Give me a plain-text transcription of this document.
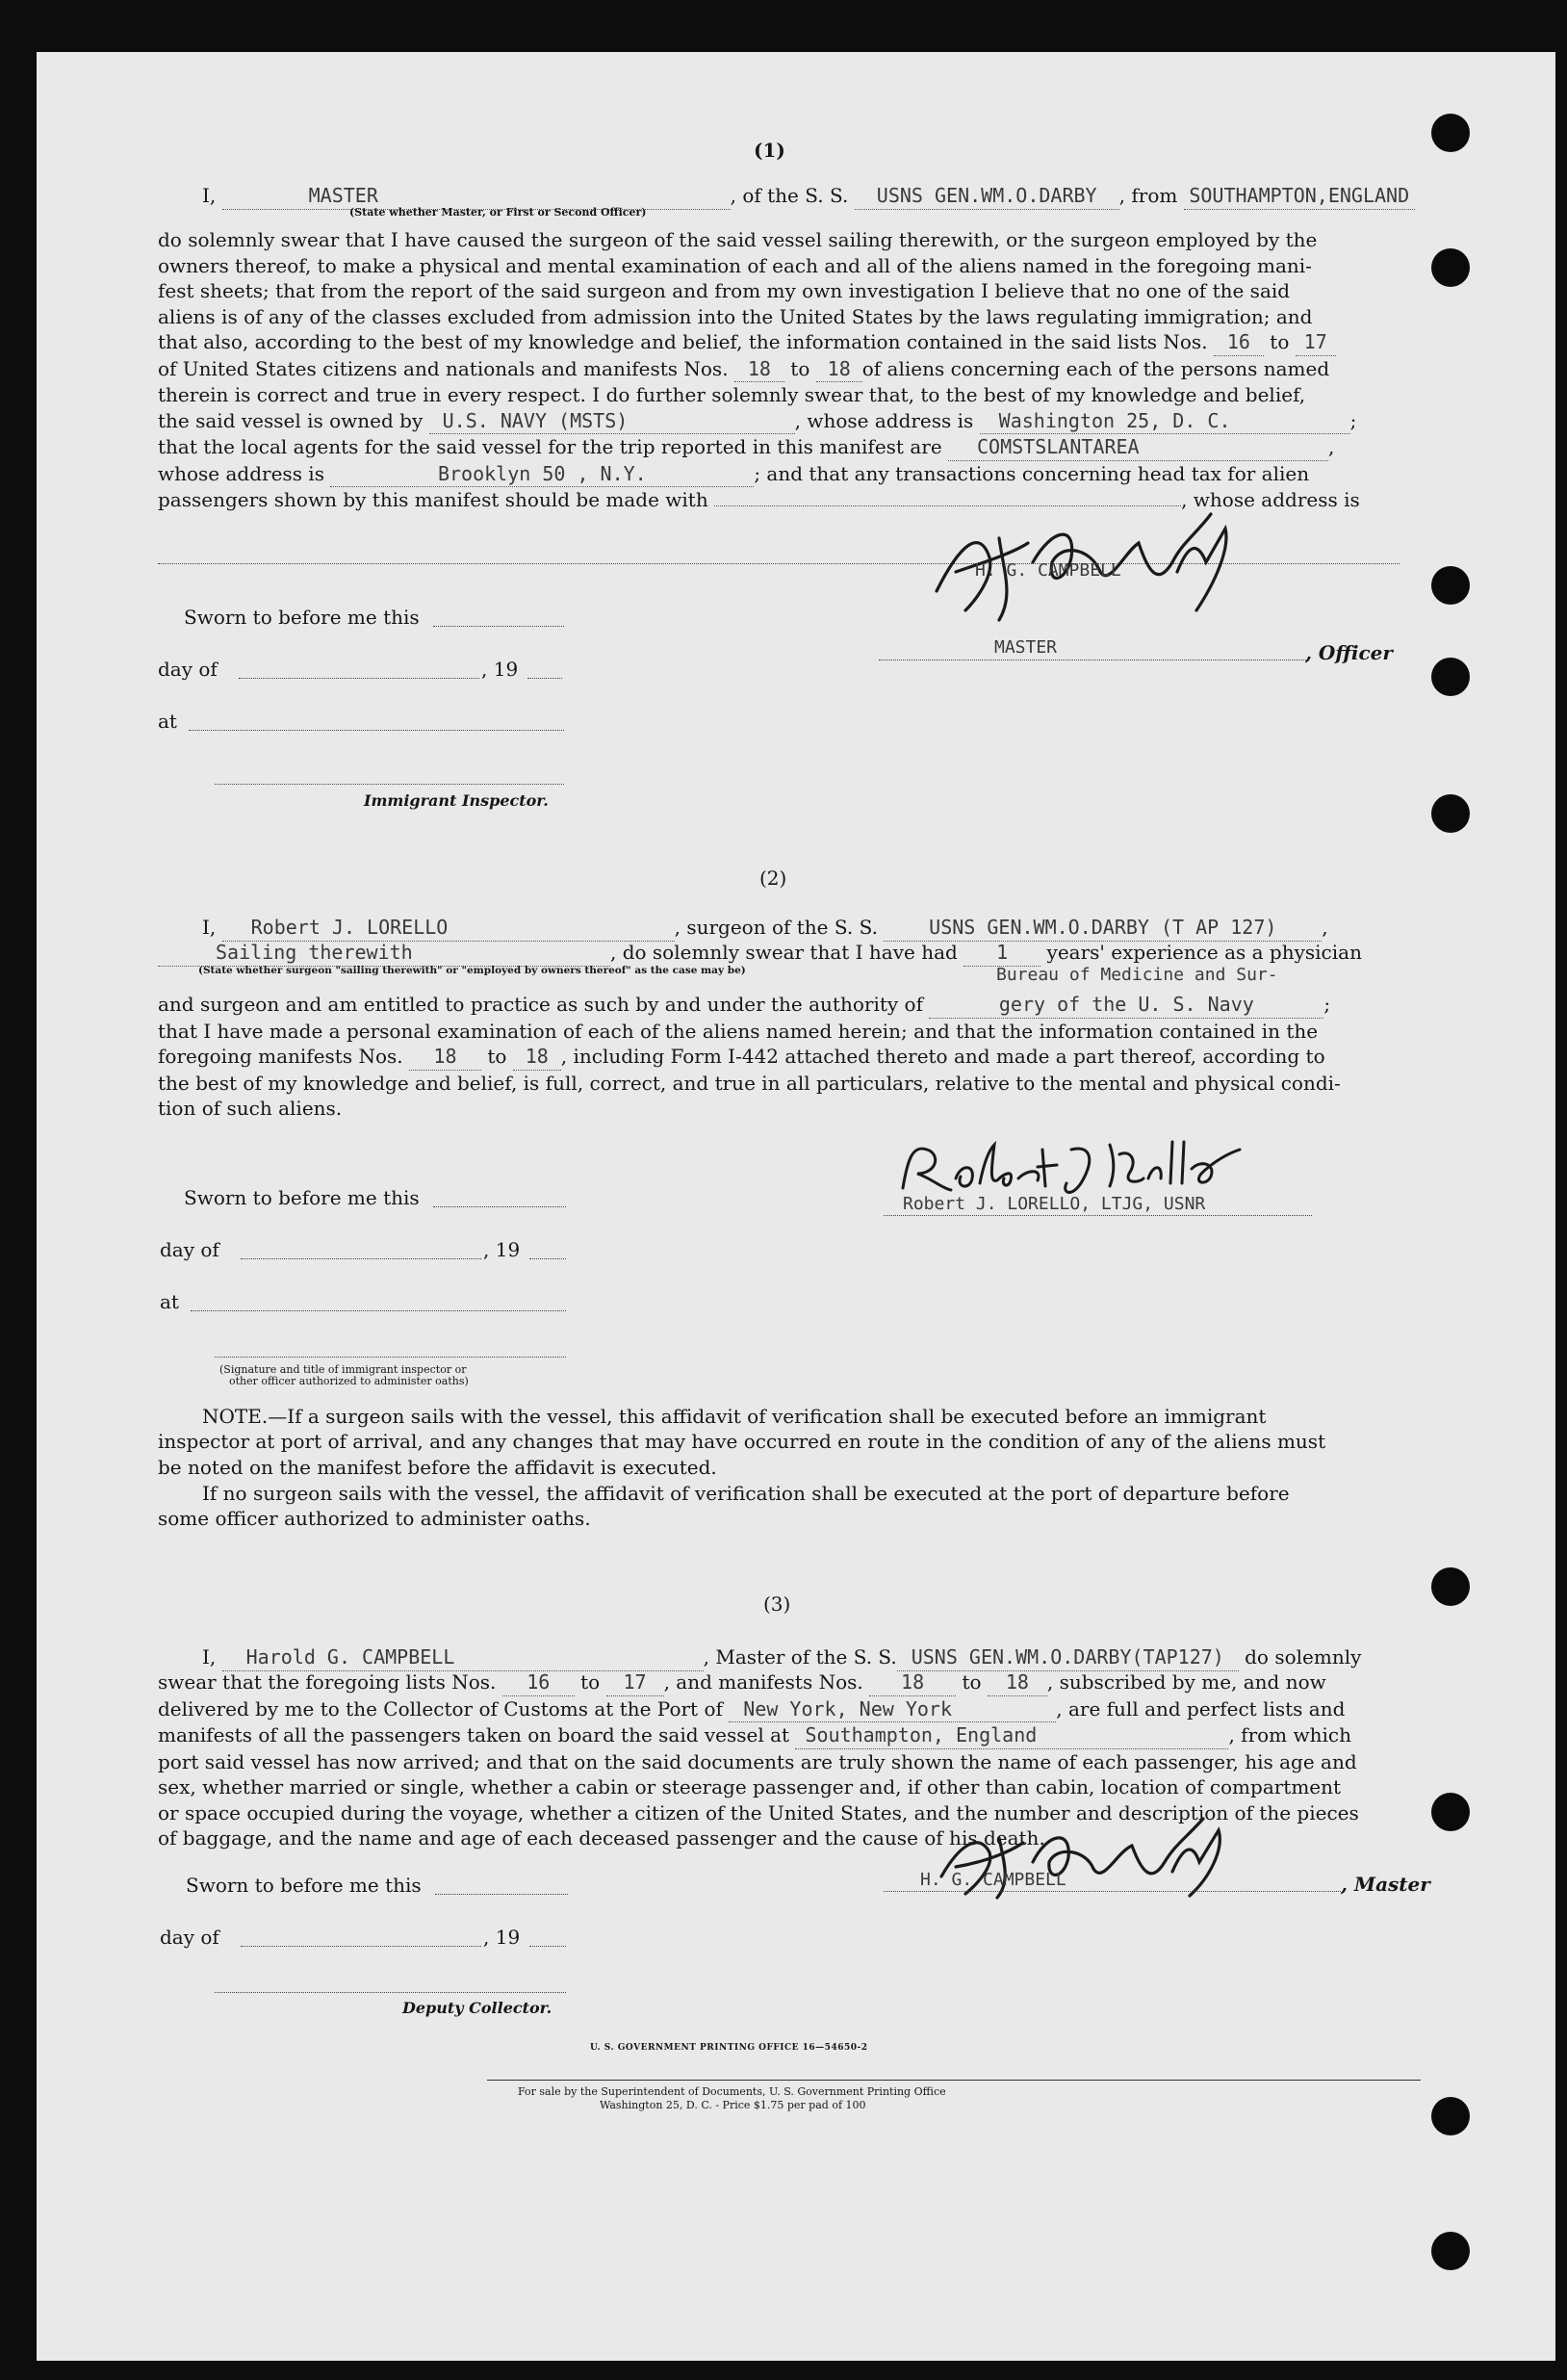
(1)
I,	MASTER	, of the S. S. USNS GEN.WM.O.DARBY , from SOUTHAMPTON,ENGLAND
(State whether Master, or First or Second Officer)
do solemnly swear that I have caused the surgeon of the said vessel sailing therewith, or the surgeon employed by the
owners thereof, to make a physical and mental examination of each and all of the aliens named in the foregoing mani-
fest sheets; that from the report of the said surgeon and from my own investigation I believe that no one of the said
aliens is of any of the classes excluded from admission into the United States by the laws regulating immigration; and
that also, according to the best of my knowledge and belief, the information contained in the said lists Nos. 16 to 17
of United States citizens and nationals and manifests Nos. 18 to 18 of aliens concerning each of the persons named
therein is correct and true in every respect. I do further solemnly swear that, to the best of my knowledge and belief,
the said vessel is owned by U.S. NAVY (MSTS)	, whose address is Washington 25, D. C.	;
that the local agents for the said vessel for the trip reported in this manifest are COMSTSLANTAREA	,
whose address is	Brooklyn 50 , N.Y.	; and that any transactions concerning head tax for alien
passengers shown by this manifest should be made with	, whose address is
Sworn to before me this
day of	, 19
at
Immigrant Inspector.
H. G. CAMPBELL
MASTER	, Officer
(2)
I, Robert J. LORELLO	, surgeon of the S. S.	USNS GEN.WM.O.DARBY (T AP 127) ,
Sailing therewith	, do solemnly swear that I have had 1 years' experience as a physician
(State whether surgeon "sailing therewith" or "employed by owners thereof" as the case may be)	Bureau of Medicine and Sur-
and surgeon and am entitled to practice as such by and under the authority of	gery of the U. S. Navy	;
that I have made a personal examination of each of the aliens named herein; and that the information contained in the
foregoing manifests Nos. 18 to 18 , including Form I-442 attached thereto and made a part thereof, according to
the best of my knowledge and belief, is full, correct, and true in all particulars, relative to the mental and physical condi-
tion of such aliens.
Sworn to before me this
day of	, 19
at
(Signature and title of immigrant inspector or
other officer authorized to administer oaths)
Robert J. LORELLO, LTJG, USNR
NOTE.—If a surgeon sails with the vessel, this affidavit of verification shall be executed before an immigrant
inspector at port of arrival, and any changes that may have occurred en route in the condition of any of the aliens must
be noted on the manifest before the affidavit is executed.
If no surgeon sails with the vessel, the affidavit of verification shall be executed at the port of departure before
some officer authorized to administer oaths.
(3)
I, Harold G. CAMPBELL	, Master of the S. S. USNS GEN.WM.O.DARBY(TAP127) do solemnly
swear that the foregoing lists Nos. 16 to 17 , and manifests Nos. 18 to 18 , subscribed by me, and now
delivered by me to the Collector of Customs at the Port of New York, New York	, are full and perfect lists and
manifests of all the passengers taken on board the said vessel at Southampton, England	, from which
port said vessel has now arrived; and that on the said documents are truly shown the name of each passenger, his age and
sex, whether married or single, whether a cabin or steerage passenger and, if other than cabin, location of compartment
or space occupied during the voyage, whether a citizen of the United States, and the number and description of the pieces
of baggage, and the name and age of each deceased passenger and the cause of his death.
Sworn to before me this
day of	, 19
Deputy Collector.
H. G. CAMPBELL	, Master
U. S. GOVERNMENT PRINTING OFFICE 16—54650-2
For sale by the Superintendent of Documents, U. S. Government Printing Office
Washington 25, D. C. - Price $1.75 per pad of 100
